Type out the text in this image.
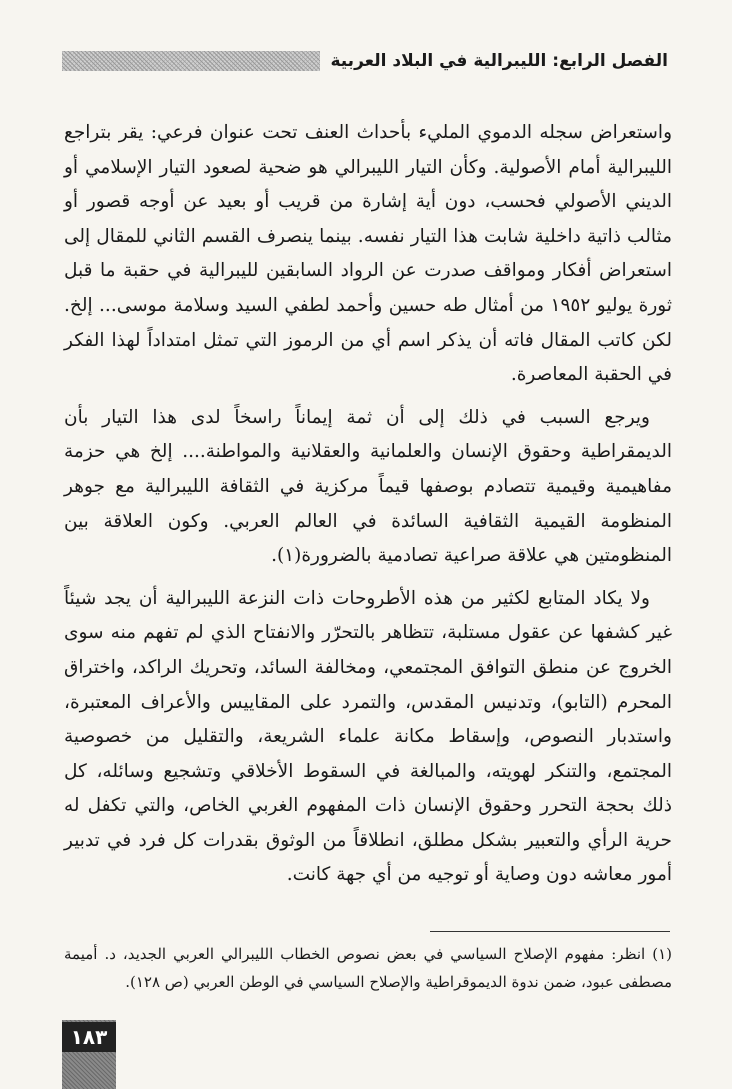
الفصل الرابع: الليبرالية في البلاد العربية

واستعراض سجله الدموي المليء بأحداث العنف تحت عنوان فرعي: يقر بتراجع الليبرالية أمام الأصولية. وكأن التيار الليبرالي هو ضحية لصعود التيار الإسلامي أو الديني الأصولي فحسب، دون أية إشارة من قريب أو بعيد عن أوجه قصور أو مثالب ذاتية داخلية شابت هذا التيار نفسه. بينما ينصرف القسم الثاني للمقال إلى استعراض أفكار ومواقف صدرت عن الرواد السابقين لليبرالية في حقبة ما قبل ثورة يوليو ١٩٥٢ من أمثال طه حسين وأحمد لطفي السيد وسلامة موسى... إلخ. لكن كاتب المقال فاته أن يذكر اسم أي من الرموز التي تمثل امتداداً لهذا الفكر في الحقبة المعاصرة.

ويرجع السبب في ذلك إلى أن ثمة إيماناً راسخاً لدى هذا التيار بأن الديمقراطية وحقوق الإنسان والعلمانية والعقلانية والمواطنة.... إلخ هي حزمة مفاهيمية وقيمية تتصادم بوصفها قيماً مركزية في الثقافة الليبرالية مع جوهر المنظومة القيمية الثقافية السائدة في العالم العربي. وكون العلاقة بين المنظومتين هي علاقة صراعية تصادمية بالضرورة(١).

ولا يكاد المتابع لكثير من هذه الأطروحات ذات النزعة الليبرالية أن يجد شيئاً غير كشفها عن عقول مستلبة، تتظاهر بالتحرّر والانفتاح الذي لم تفهم منه سوى الخروج عن منطق التوافق المجتمعي، ومخالفة السائد، وتحريك الراكد، واختراق المحرم (التابو)، وتدنيس المقدس، والتمرد على المقاييس والأعراف المعتبرة، واستدبار النصوص، وإسقاط مكانة علماء الشريعة، والتقليل من خصوصية المجتمع، والتنكر لهويته، والمبالغة في السقوط الأخلاقي وتشجيع وسائله، كل ذلك بحجة التحرر وحقوق الإنسان ذات المفهوم الغربي الخاص، والتي تكفل له حرية الرأي والتعبير بشكل مطلق، انطلاقاً من الوثوق بقدرات كل فرد في تدبير أمور معاشه دون وصاية أو توجيه من أي جهة كانت.

(١) انظر: مفهوم الإصلاح السياسي في بعض نصوص الخطاب الليبرالي العربي الجديد، د. أميمة مصطفى عبود، ضمن ندوة الديموقراطية والإصلاح السياسي في الوطن العربي (ص ١٢٨).

١٨٣
